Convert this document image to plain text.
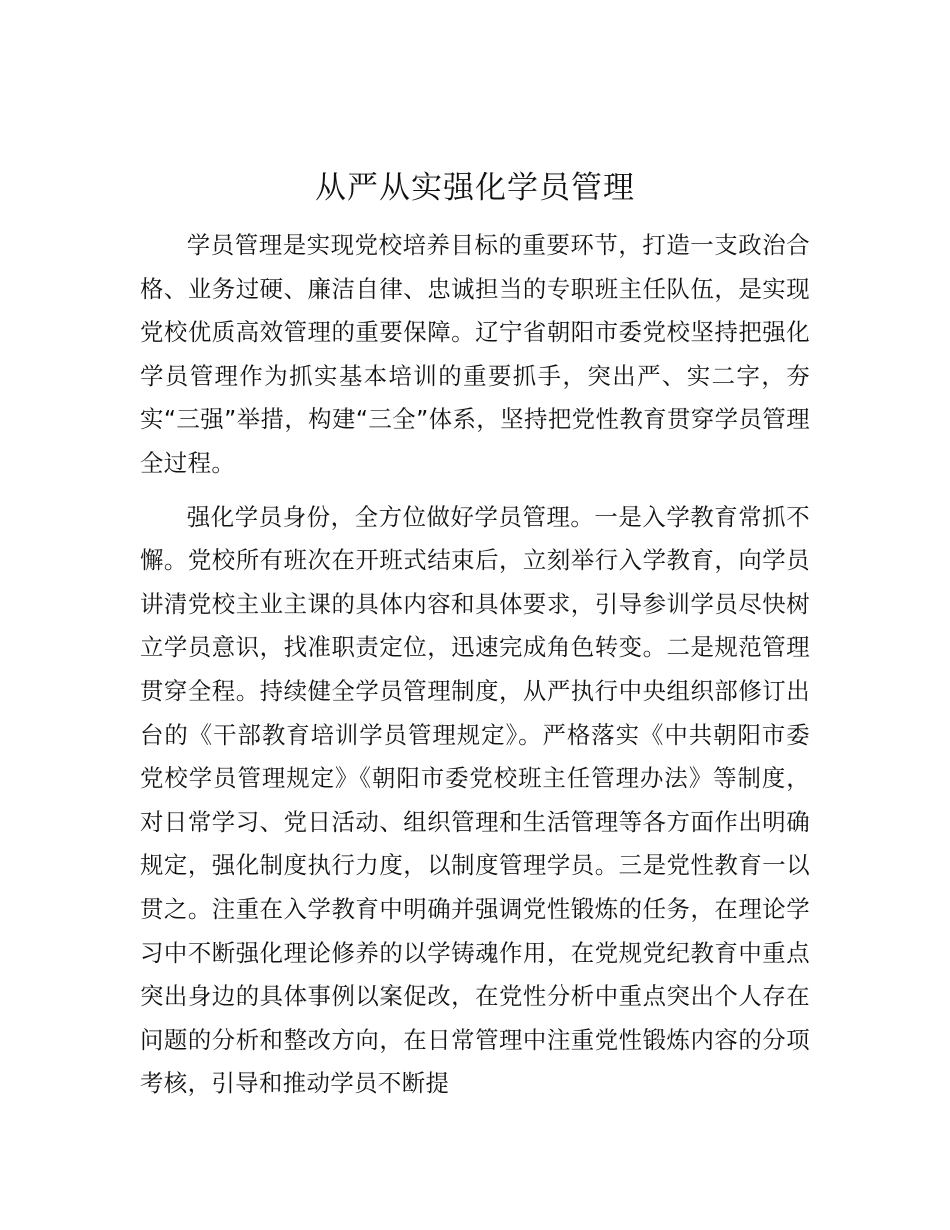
从严从实强化学员管理

学员管理是实现党校培养目标的重要环节，打造一支政治合格、业务过硬、廉洁自律、忠诚担当的专职班主任队伍，是实现党校优质高效管理的重要保障。辽宁省朝阳市委党校坚持把强化学员管理作为抓实基本培训的重要抓手，突出严、实二字，夯实“三强”举措，构建“三全”体系，坚持把党性教育贯穿学员管理全过程。

强化学员身份，全方位做好学员管理。一是入学教育常抓不懈。党校所有班次在开班式结束后，立刻举行入学教育，向学员讲清党校主业主课的具体内容和具体要求，引导参训学员尽快树立学员意识，找准职责定位，迅速完成角色转变。二是规范管理贯穿全程。持续健全学员管理制度，从严执行中央组织部修订出台的《干部教育培训学员管理规定》。严格落实《中共朝阳市委党校学员管理规定》《朝阳市委党校班主任管理办法》等制度，对日常学习、党日活动、组织管理和生活管理等各方面作出明确规定，强化制度执行力度，以制度管理学员。三是党性教育一以贯之。注重在入学教育中明确并强调党性锻炼的任务，在理论学习中不断强化理论修养的以学铸魂作用，在党规党纪教育中重点突出身边的具体事例以案促改，在党性分析中重点突出个人存在问题的分析和整改方向，在日常管理中注重党性锻炼内容的分项考核，引导和推动学员不断提
